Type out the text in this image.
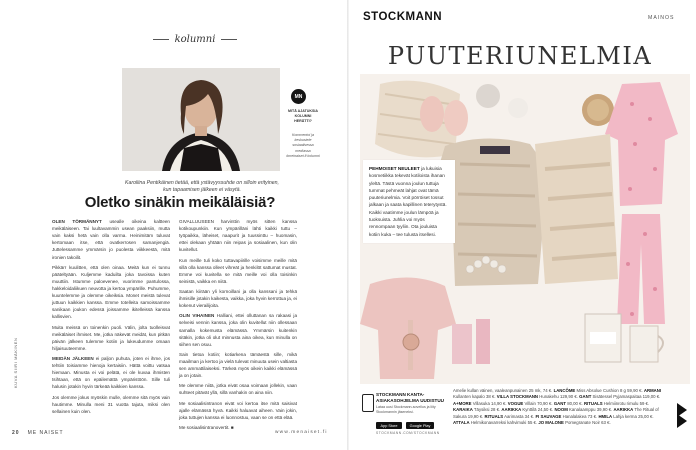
kolumni
Karoliina Pentikäinen tietää, että ystävyyssuhde on silloin erityinen, kun tapaamisen jälkeen ei väsytä.
MN
MITÄ AJATUKSIA KOLUMNI HERÄTTI?
Kommentoi ja keskustele sosiaalisessa mediassa #meinaiset.fi kolumni
Oletko sinäkin meikäläisiä?

OLEN TÖRMÄNNYT usealle oikeina kaltteen meikäläiseen. Tai luultavammin usean paaksiin, mutta vain kaksi hetä vain olla varma. Heinimitäm tuluvat kertomaan itse, että ovatkerrosen samanjengiä. Juttelessamme ymmärsin jo puolesta viikkeestä, mitä ironien takoilit.

Pikkärr kuulitten, että olen oinaa. Meitä kun ei tunnu pääteltyään. Kuljemme kaduilta joka tavoissa kuten muuttiin. Istumme paloevenee, vuorimme pantulossa, hakkeloidaliikuen neuvotta ja kertoa ympärille. Puhumme, kuuntelemme ja olemme oikeiksia. Monet meistä tulevat juttuun kaikkien kanssa. Emme totelleita samoissamme sanikaan joukon edessä joissamme ikitelleissä kanssa kallisvien.

Muita meissä on toinenkin puoli. Välin, jolta tuolleisvat meikäläiset ihmiset. Me, jotka näkevät meidät, kun pitkän päivän jälkeen tulemme kotiin ja lukeudumme omaan hiljaisuuteemme.

MEIDÄN JÄLKEEN ei paljon puhuta, joten ei ihme, jos tehtiin toisiamme hienoja kertaisiin. Hättä voittu vatsaa hiemaan. Minusta ei voi pelätä, ei ole kuvaa ihmisten tsihtaan, että on epäilemättä ympäristöön. Sille tuli halusin jotakin hyvin tärkeää kaikkien kanssa.

Jos olemme jokus myöskin mulle, olemme sitä myös vain hautimme. Minulla meni 31 vuotta tajuta, miksi olen sellainen kuin olen.

GIVALLUUSEEN harvinttin myös sitten kanssa kotikoupunkiin. Kun ympärilläni lähti kaikki tuttu – työpaikka, läheiset, naapurit ja tuussinttu – huomasin, ettei olekaan yhtään niin reipas ja sosiaalinen, kun olin kuvitellut.

Kun meille tuli koko tuttavapiirille voisimme meille mitä sillä olla kanssa olleet vihreät ja henkilöt sattumat mustat. Emme voi kuvitella se mitä meille voi olla toisinkin seinistä, vaikka en niitä.

Saatan kiirään yli kornoillani ja olla kanssani ja tehkä ihmisille jotakin kaikesta, vaikka, joka hyvin kerrottua ja, ei kokenut vierailijoita.

OLIN VIHAINEN Halliani, ettei olluttanan sa rakaasi ja selveisi vennin kanssa, joka olin kuvitellut niin ollessaan samalla kokemusta elämässä. Ymmärsin kuitenkin sitäkin, jotka oli olut minnusta aina oikea, kun minulla on siihen sen osuu.

Sain tietoa kotiin; kotiarkena tämäestä sille, mikä maailman ja kertoo ja vielä tulevat minuuta usein valtiasta sen ammattilaiseksi. Tärkeä myös oikein kaikki elämässä ja on jotain.

Me olemme niitä, jotka eivät osaa voimaan jollekin, vaan suhteet pitävät yllä, sillä vanhakin on aina niin.

Me sosiaalisintranon eivät voi kertoa itse mitä saisivat ajalle elämässä hyvä. Kaikki haluavat aiheen. Vain jokin, joka tuttujen kanssa ei luonnostuu, vaan se on että elää.

Me sosiaalisintranovertit. ■

KUVA SIIRI MÄKINEN
20 ME NAISET	www.menaiset.fi
STOCKMANN	MAINOS
PUUTERIUNELMIA
PEHMOISET NEULEET ja lukuisia kosmetiikka tekevät kotiloista ihanan yleltä. Tästä vuonna joulun tuttuja tummat pehmeät lahjat ovat tämä puuteriunelmia. Voit pörröiset tossut jalkaan ja saata kapillinen teterytystä. Kaikki vaatimme joulun lämpöä ja tuoksuista. Juhlia voi myös rennompaan tyyliin. Ota jouluista kotiin kuka – tee tulusta itsellesi.
STOCKMANN KANTA-ASIAKASOHJELMA UUDISTUU
Lataa uusi Stockmann-sovellus ja liity Stockmannin jäseneksi.
App Store	Google Play
STOCKMANN.COM/STOCKMANN
Amelie kullan väinen, vaaleanpunainen 25 mk, 74 €. LANCÔME Miss Absolue Cushion 8 g 59,90 €. ARMANI Kullanten kapalo 38 €. VILLA STOCKMANN Hunakehu 129,90 €. GANT Sisätessel Pyjamaspaitaa 119,00 €. A+MORE Villasuka 14,90 €. VOGUE Villain 70,90 €. GANT 80,00 €. RITUALS Helmiinrotu rimulu 59 €. KARAIKA Täysiksi 28 €. AARIKKA Kynttilä 24,50 €. NOOM Kanalaamppu 39,90 €. AARIKKA The Ritual of Sakura 19,90 €. RITUALS Aarimasta 34 €. FI SAUVAGE Hanalalakea 73 €. HMILA Lahja kerma 25,00 €. ATTALA Helmikonavarreksi kahvimuki 55 €. JO MALONE Pomegranate Noir 63 €.
